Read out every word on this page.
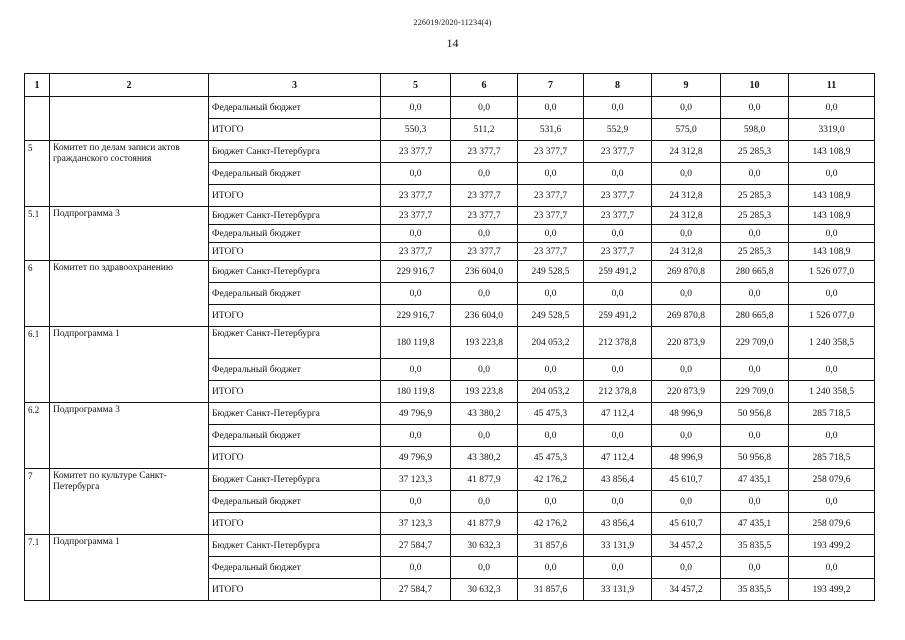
226019/2020-11234(4)
14
1	2	3	5	6	7	8	9	10	11
		Федеральный бюджет	0,0	0,0	0,0	0,0	0,0	0,0	0,0
		ИТОГО	550,3	511,2	531,6	552,9	575,0	598,0	3319,0
5	Комитет по делам записи актов гражданского состояния	Бюджет Санкт-Петербурга	23 377,7	23 377,7	23 377,7	23 377,7	24 312,8	25 285,3	143 108,9
		Федеральный бюджет	0,0	0,0	0,0	0,0	0,0	0,0	0,0
		ИТОГО	23 377,7	23 377,7	23 377,7	23 377,7	24 312,8	25 285,3	143 108,9
5.1	Подпрограмма 3	Бюджет Санкт-Петербурга	23 377,7	23 377,7	23 377,7	23 377,7	24 312,8	25 285,3	143 108,9
		Федеральный бюджет	0,0	0,0	0,0	0,0	0,0	0,0	0,0
		ИТОГО	23 377,7	23 377,7	23 377,7	23 377,7	24 312,8	25 285,3	143 108,9
6	Комитет по здравоохранению	Бюджет Санкт-Петербурга	229 916,7	236 604,0	249 528,5	259 491,2	269 870,8	280 665,8	1 526 077,0
		Федеральный бюджет	0,0	0,0	0,0	0,0	0,0	0,0	0,0
		ИТОГО	229 916,7	236 604,0	249 528,5	259 491,2	269 870,8	280 665,8	1 526 077,0
6.1	Подпрограмма 1	Бюджет Санкт-Петербурга	180 119,8	193 223,8	204 053,2	212 378,8	220 873,9	229 709,0	1 240 358,5
		Федеральный бюджет	0,0	0,0	0,0	0,0	0,0	0,0	0,0
		ИТОГО	180 119,8	193 223,8	204 053,2	212 378,8	220 873,9	229 709,0	1 240 358,5
6.2	Подпрограмма 3	Бюджет Санкт-Петербурга	49 796,9	43 380,2	45 475,3	47 112,4	48 996,9	50 956,8	285 718,5
		Федеральный бюджет	0,0	0,0	0,0	0,0	0,0	0,0	0,0
		ИТОГО	49 796,9	43 380,2	45 475,3	47 112,4	48 996,9	50 956,8	285 718,5
7	Комитет по культуре Санкт-Петербурга	Бюджет Санкт-Петербурга	37 123,3	41 877,9	42 176,2	43 856,4	45 610,7	47 435,1	258 079,6
		Федеральный бюджет	0,0	0,0	0,0	0,0	0,0	0,0	0,0
		ИТОГО	37 123,3	41 877,9	42 176,2	43 856,4	45 610,7	47 435,1	258 079,6
7.1	Подпрограмма 1	Бюджет Санкт-Петербурга	27 584,7	30 632,3	31 857,6	33 131,9	34 457,2	35 835,5	193 499,2
		Федеральный бюджет	0,0	0,0	0,0	0,0	0,0	0,0	0,0
		ИТОГО	27 584,7	30 632,3	31 857,6	33 131,9	34 457,2	35 835,5	193 499,2
